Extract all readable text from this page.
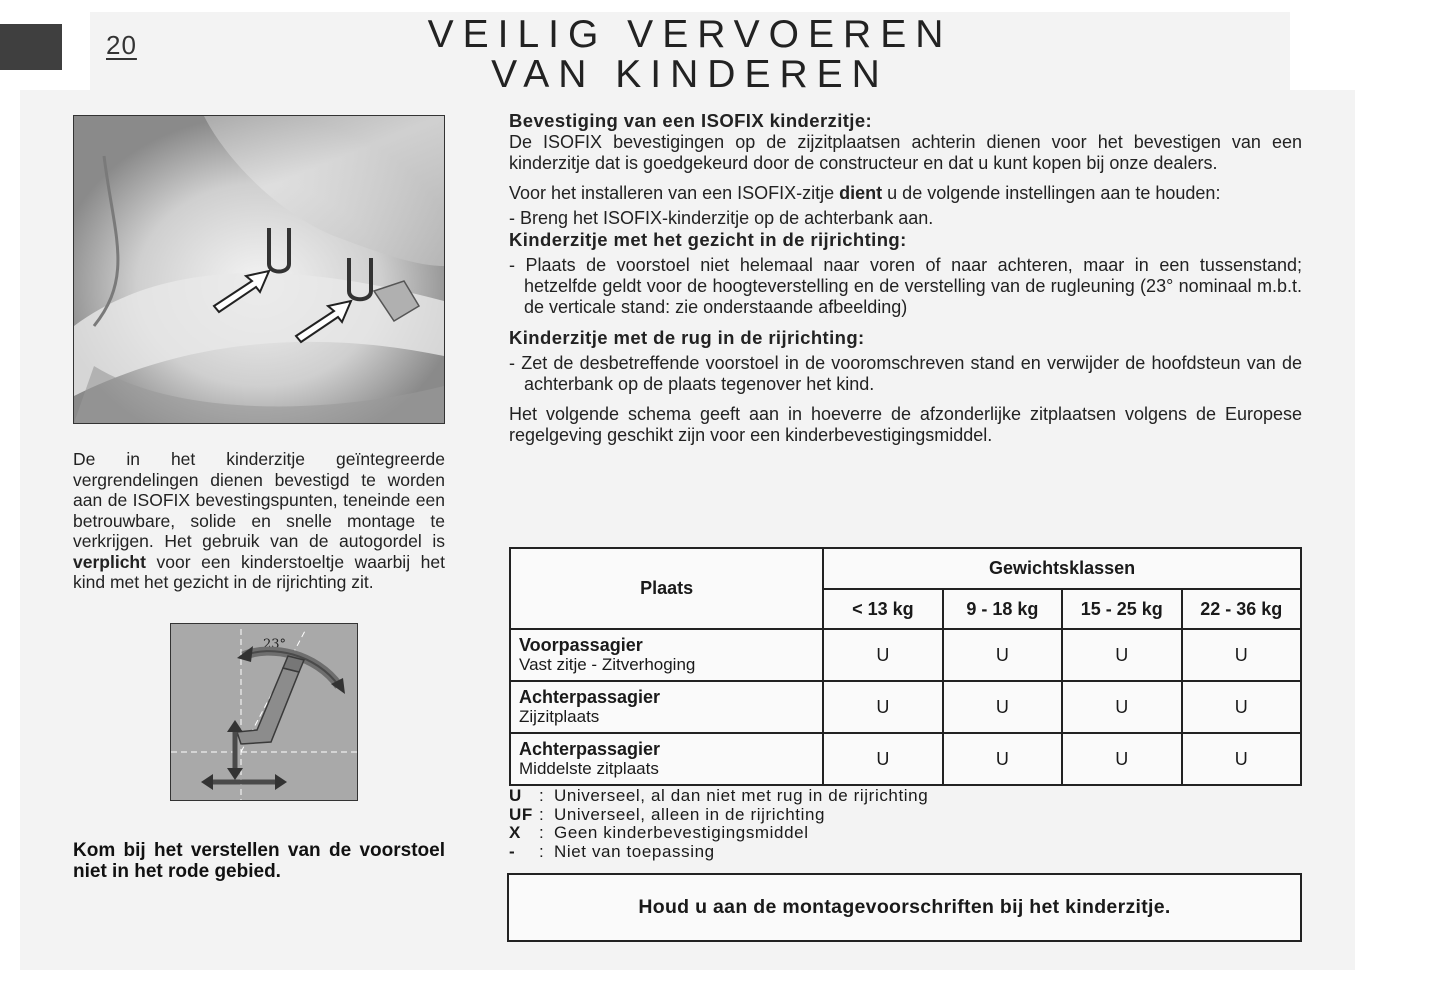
20	VEILIG VERVOEREN
VAN KINDEREN
De in het kinderzitje geïntegreerde vergrendelingen dienen bevestigd te worden aan de ISOFIX bevestingspunten, teneinde een betrouwbare, solide en snelle montage te verkrijgen. Het gebruik van de autogordel is verplicht voor een kinderstoeltje waarbij het kind met het gezicht in de rijrichting zit.
23°
Kom bij het verstellen van de voorstoel niet in het rode gebied.

Bevestiging van een ISOFIX kinderzitje:

De ISOFIX bevestigingen op de zijzitplaatsen achterin dienen voor het bevestigen van een kinderzitje dat is goedgekeurd door de constructeur en dat u kunt kopen bij onze dealers.

Voor het installeren van een ISOFIX-zitje dient u de volgende instellingen aan te houden:

- Breng het ISOFIX-kinderzitje op de achterbank aan.

Kinderzitje met het gezicht in de rijrichting:

- Plaats de voorstoel niet helemaal naar voren of naar achteren, maar in een tussenstand; hetzelfde geldt voor de hoogteverstelling en de verstelling van de rugleuning (23° nominaal m.b.t. de verticale stand: zie onderstaande afbeelding)

Kinderzitje met de rug in de rijrichting:

- Zet de desbetreffende voorstoel in de vooromschreven stand en verwijder de hoofdsteun van de achterbank op de plaats tegenover het kind.

Het volgende schema geeft aan in hoeverre de afzonderlijke zitplaatsen volgens de Europese regelgeving geschikt zijn voor een kinderbevestigingsmiddel.

Plaats	Gewichtsklassen			
	< 13 kg	9 - 18 kg	15 - 25 kg	22 - 36 kg

Voorpassagier
Vast zitje - Zitverhoging	U	U	U	U

Achterpassagier
Zijzitplaats	U	U	U	U

Achterpassagier
Middelste zitplaats	U	U	U	U
U	: Universeel, al dan niet met rug in de rijrichting
UF : Universeel, alleen in de rijrichting
X	: Geen kinderbevestigingsmiddel
-	: Niet van toepassing
Houd u aan de montagevoorschriften bij het kinderzitje.
